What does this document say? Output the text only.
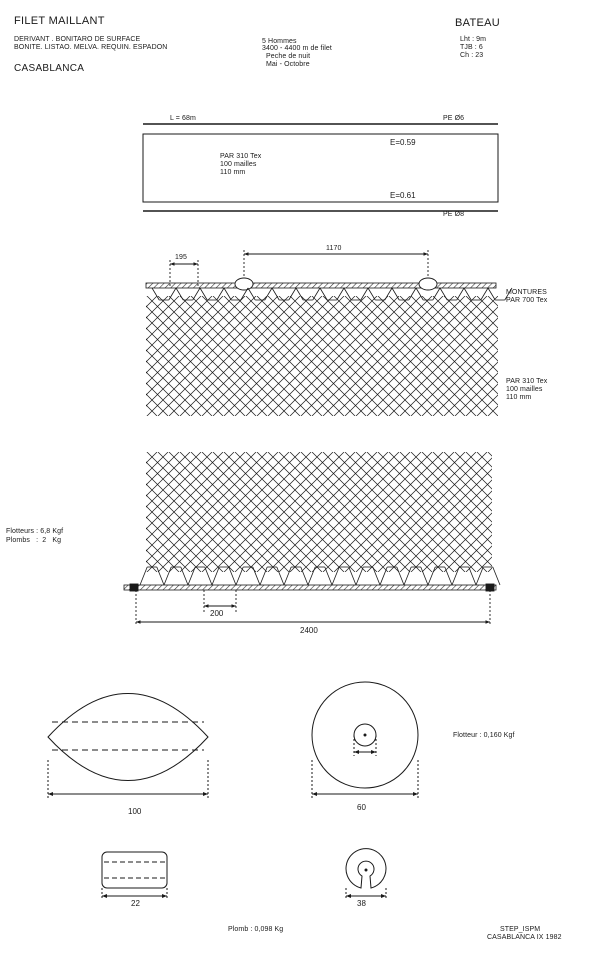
FILET MAILLANT
DERIVANT . BONITARO DE SURFACE
BONITE. LISTAO. MELVA. REQUIN. ESPADON
CASABLANCA
5 Hommes
3400 - 4400 m de filet
Peche de nuit
Mai - Octobre
BATEAU
Lht : 9m
TJB : 6
Ch : 23
L = 68m	PE Ø6
PAR 310 Tex
100 mailles
110 mm
E=0.59
E=0.61
PE Ø8
195
1170
MONTURES
PAR 700 Tex
PAR 310 Tex
100 mailles
110 mm
Flotteurs : 6,8 Kgf
Plombs   :  2   Kg
200
2400
100	60
Flotteur : 0,160 Kgf
22	38
Plomb : 0,098 Kg	STEP_ISPM
CASABLANCA IX 1982
